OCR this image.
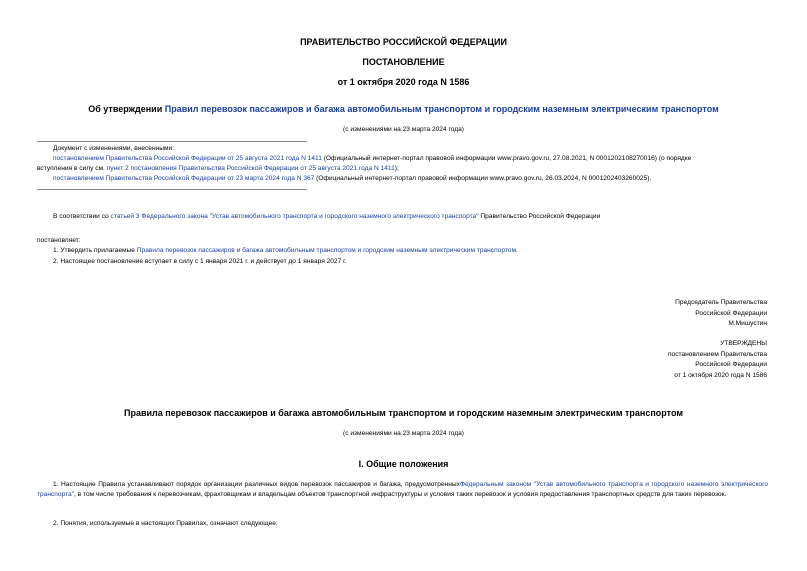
ПРАВИТЕЛЬСТВО РОССИЙСКОЙ ФЕДЕРАЦИИ
ПОСТАНОВЛЕНИЕ
от 1 октября 2020 года N 1586
Об утверждении Правил перевозок пассажиров и багажа автомобильным транспортом и городским наземным электрическим транспортом
(с изменениями на 23 марта 2024 года)
Документ с изменениями, внесенными:
постановлением Правительства Российской Федерации от 25 августа 2021 года N 1411 (Официальный интернет-портал правовой информации www.pravo.gov.ru, 27.08.2021, N 0001202108270016) (о порядке
вступления в силу см. пункт 2 постановления Правительства Российской Федерации от 25 августа 2021 года N 1411);
постановлением Правительства Российской Федерации от 23 марта 2024 года N 367 (Официальный интернет-портал правовой информации www.pravo.gov.ru, 26.03.2024, N 0001202403260025).
В соответствии со статьей 3 Федерального закона "Устав автомобильного транспорта и городского наземного электрического транспорта" Правительство Российской Федерации
постановляет:
1. Утвердить прилагаемые Правила перевозок пассажиров и багажа автомобильным транспортом и городским наземным электрическим транспортом.
2. Настоящее постановление вступает в силу с 1 января 2021 г. и действует до 1 января 2027 г.
Председатель Правительства
Российской Федерации
М.Мишустин
УТВЕРЖДЕНЫ
постановлением Правительства
Российской Федерации
от 1 октября 2020 года N 1586
Правила перевозок пассажиров и багажа автомобильным транспортом и городским наземным электрическим транспортом
(с изменениями на 23 марта 2024 года)
I. Общие положения
1. Настоящие Правила устанавливают порядок организации различных видов перевозок пассажиров и багажа, предусмотренныхФедеральным законом "Устав автомобильного транспорта и городского наземного электрического транспорта", в том числе требования к перевозчикам, фрахтовщикам и владельцам объектов транспортной инфраструктуры и условия таких перевозок и условия предоставления транспортных средств для таких перевозок.
2. Понятия, используемые в настоящих Правилах, означают следующее:
